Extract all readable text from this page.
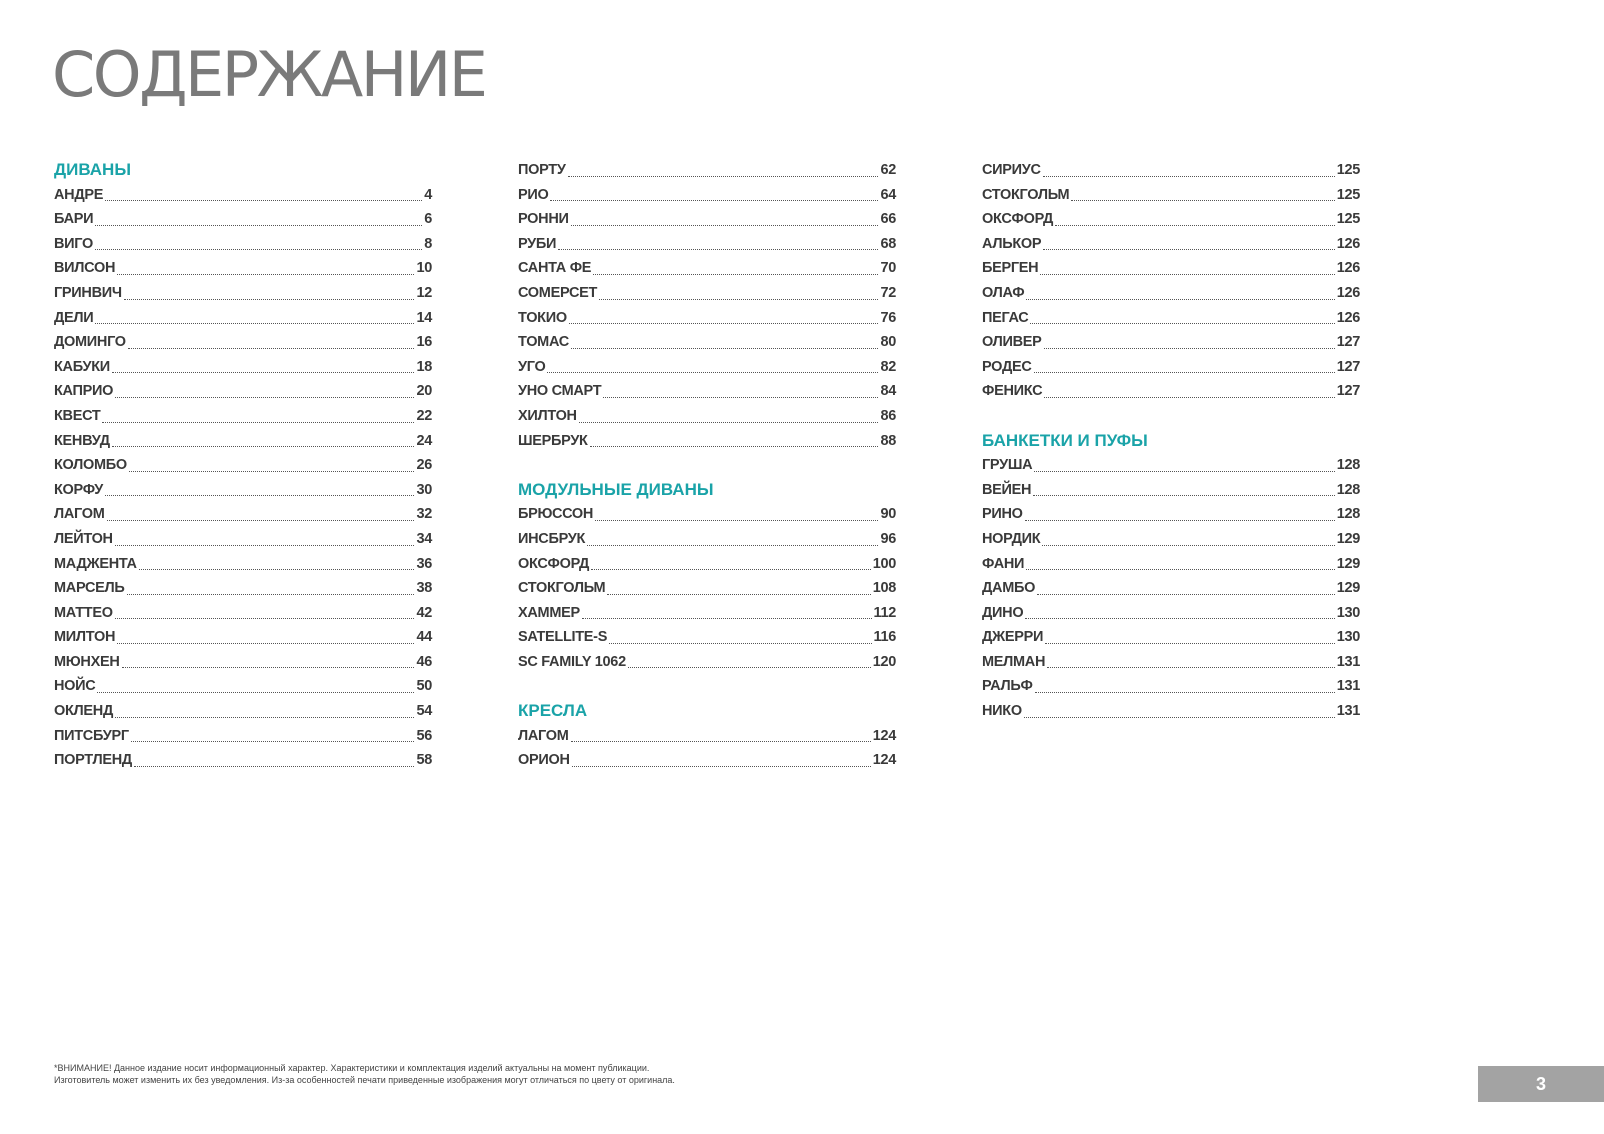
СОДЕРЖАНИЕ
ДИВАНЫ
АНДРЕ	4
БАРИ	6
ВИГО	8
ВИЛСОН	10
ГРИНВИЧ	12
ДЕЛИ	14
ДОМИНГО	16
КАБУКИ	18
КАПРИО	20
КВЕСТ	22
КЕНВУД	24
КОЛОМБО	26
КОРФУ	30
ЛАГОМ	32
ЛЕЙТОН	34
МАДЖЕНТА	36
МАРСЕЛЬ	38
МАТТЕО	42
МИЛТОН	44
МЮНХЕН	46
НОЙС	50
ОКЛЕНД	54
ПИТСБУРГ	56
ПОРТЛЕНД	58
ПОРТУ	62
РИО	64
РОННИ	66
РУБИ	68
САНТА ФЕ	70
СОМЕРСЕТ	72
ТОКИО	76
ТОМАС	80
УГО	82
УНО СМАРТ	84
ХИЛТОН	86
ШЕРБРУК	88
МОДУЛЬНЫЕ ДИВАНЫ
БРЮССОН	90
ИНСБРУК	96
ОКСФОРД	100
СТОКГОЛЬМ	108
ХАММЕР	112
SATELLITE-S	116
SC FAMILY 1062	120
КРЕСЛА
ЛАГОМ	124
ОРИОН	124
СИРИУС	125
СТОКГОЛЬМ	125
ОКСФОРД	125
АЛЬКОР	126
БЕРГЕН	126
ОЛАФ	126
ПЕГАС	126
ОЛИВЕР	127
РОДЕС	127
ФЕНИКС	127
БАНКЕТКИ И ПУФЫ
ГРУША	128
ВЕЙЕН	128
РИНО	128
НОРДИК	129
ФАНИ	129
ДАМБО	129
ДИНО	130
ДЖЕРРИ	130
МЕЛМАН	131
РАЛЬФ	131
НИКО	131
*ВНИМАНИЕ! Данное издание носит информационный характер. Характеристики и комплектация изделий актуальны на момент публикации.
Изготовитель может изменить их без уведомления. Из-за особенностей печати приведенные изображения могут отличаться по цвету от оригинала.	3
